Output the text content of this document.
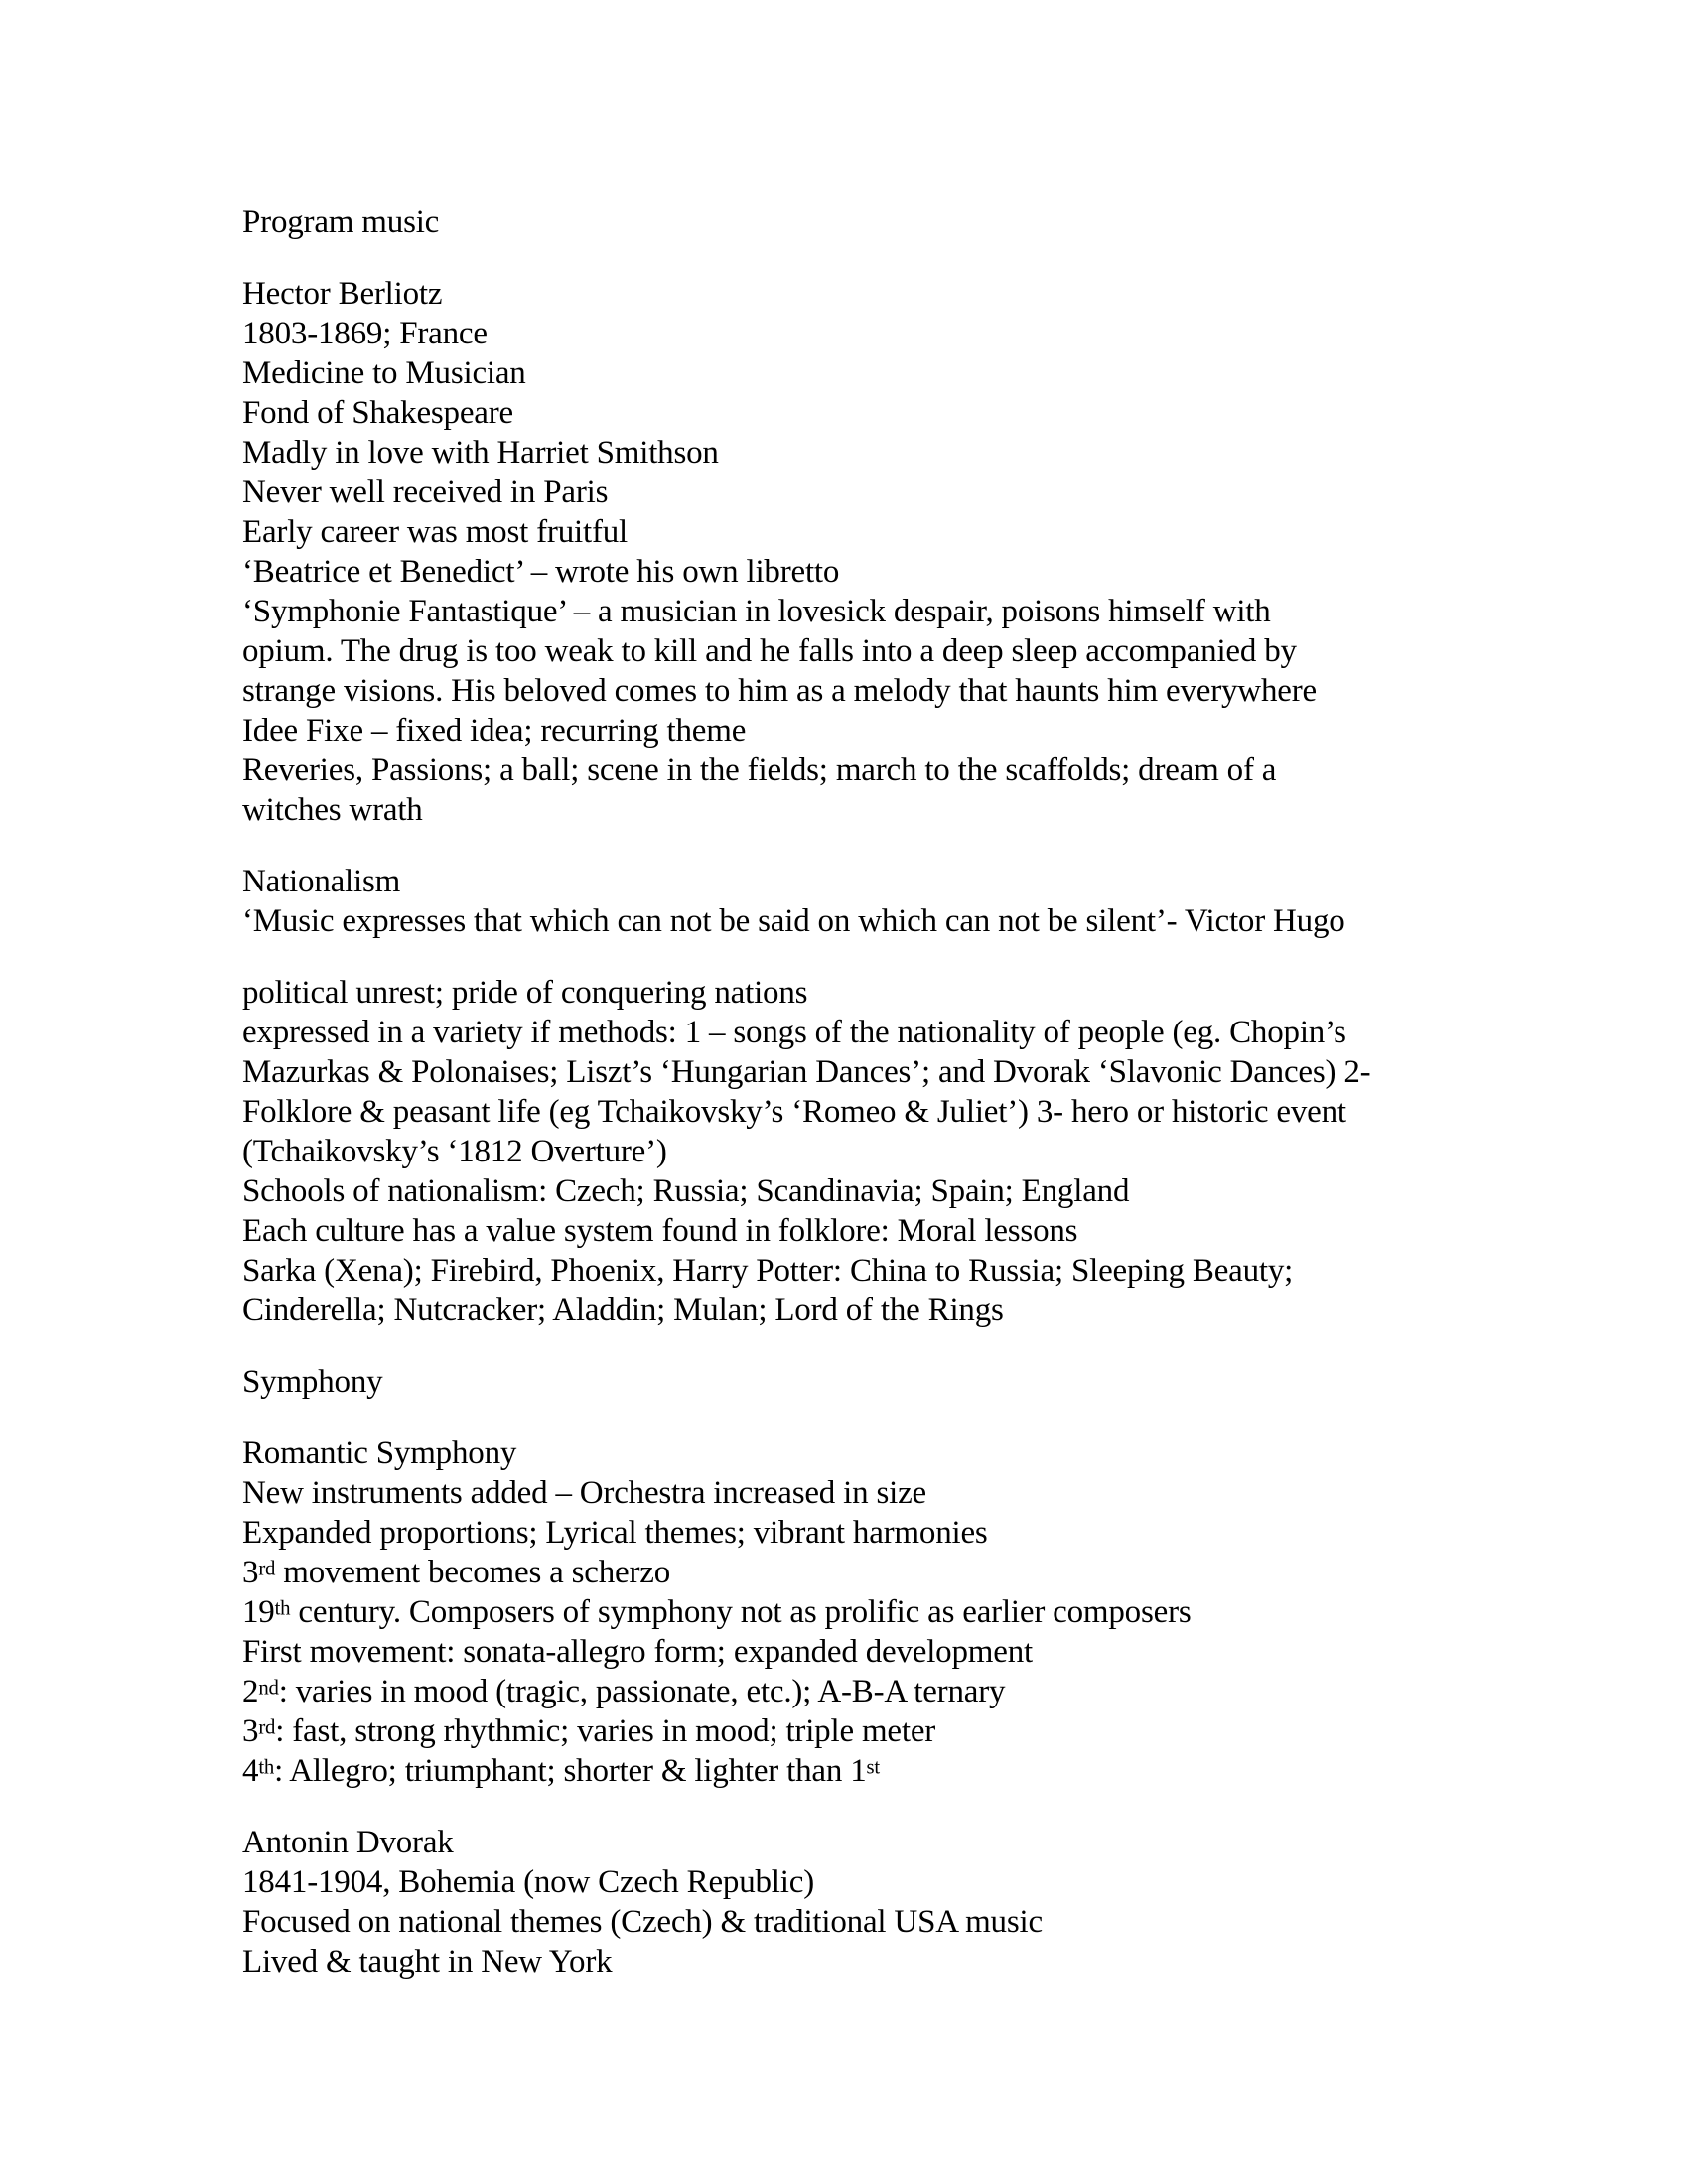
Program music

Hector Berliotz

1803-1869; France

Medicine to Musician

Fond of Shakespeare

Madly in love with Harriet Smithson

Never well received in Paris

Early career was most fruitful

‘Beatrice et Benedict’ – wrote his own libretto

‘Symphonie Fantastique’ – a musician in lovesick despair, poisons himself with

opium. The drug is too weak to kill and he falls into a deep sleep accompanied by

strange visions. His beloved comes to him as a melody that haunts him everywhere

Idee Fixe – fixed idea; recurring theme

Reveries, Passions; a ball; scene in the fields; march to the scaffolds; dream of a

witches wrath

Nationalism

‘Music expresses that which can not be said on which can not be silent’- Victor Hugo

political unrest; pride of conquering nations

expressed in a variety if methods: 1 – songs of the nationality of people (eg. Chopin’s

Mazurkas & Polonaises; Liszt’s ‘Hungarian Dances’; and Dvorak ‘Slavonic Dances) 2-

Folklore & peasant life (eg Tchaikovsky’s ‘Romeo & Juliet’) 3- hero or historic event

(Tchaikovsky’s ‘1812 Overture’)

Schools of nationalism: Czech; Russia; Scandinavia; Spain; England

Each culture has a value system found in folklore: Moral lessons

Sarka (Xena); Firebird, Phoenix, Harry Potter: China to Russia; Sleeping Beauty;

Cinderella; Nutcracker; Aladdin; Mulan; Lord of the Rings

Symphony

Romantic Symphony

New instruments added – Orchestra increased in size

Expanded proportions; Lyrical themes; vibrant harmonies

3rd movement becomes a scherzo

19th century. Composers of symphony not as prolific as earlier composers

First movement: sonata-allegro form; expanded development

2nd: varies in mood (tragic, passionate, etc.); A-B-A ternary

3rd: fast, strong rhythmic; varies in mood; triple meter

4th: Allegro; triumphant; shorter & lighter than 1st

Antonin Dvorak

1841-1904, Bohemia (now Czech Republic)

Focused on national themes (Czech) & traditional USA music

Lived & taught in New York
